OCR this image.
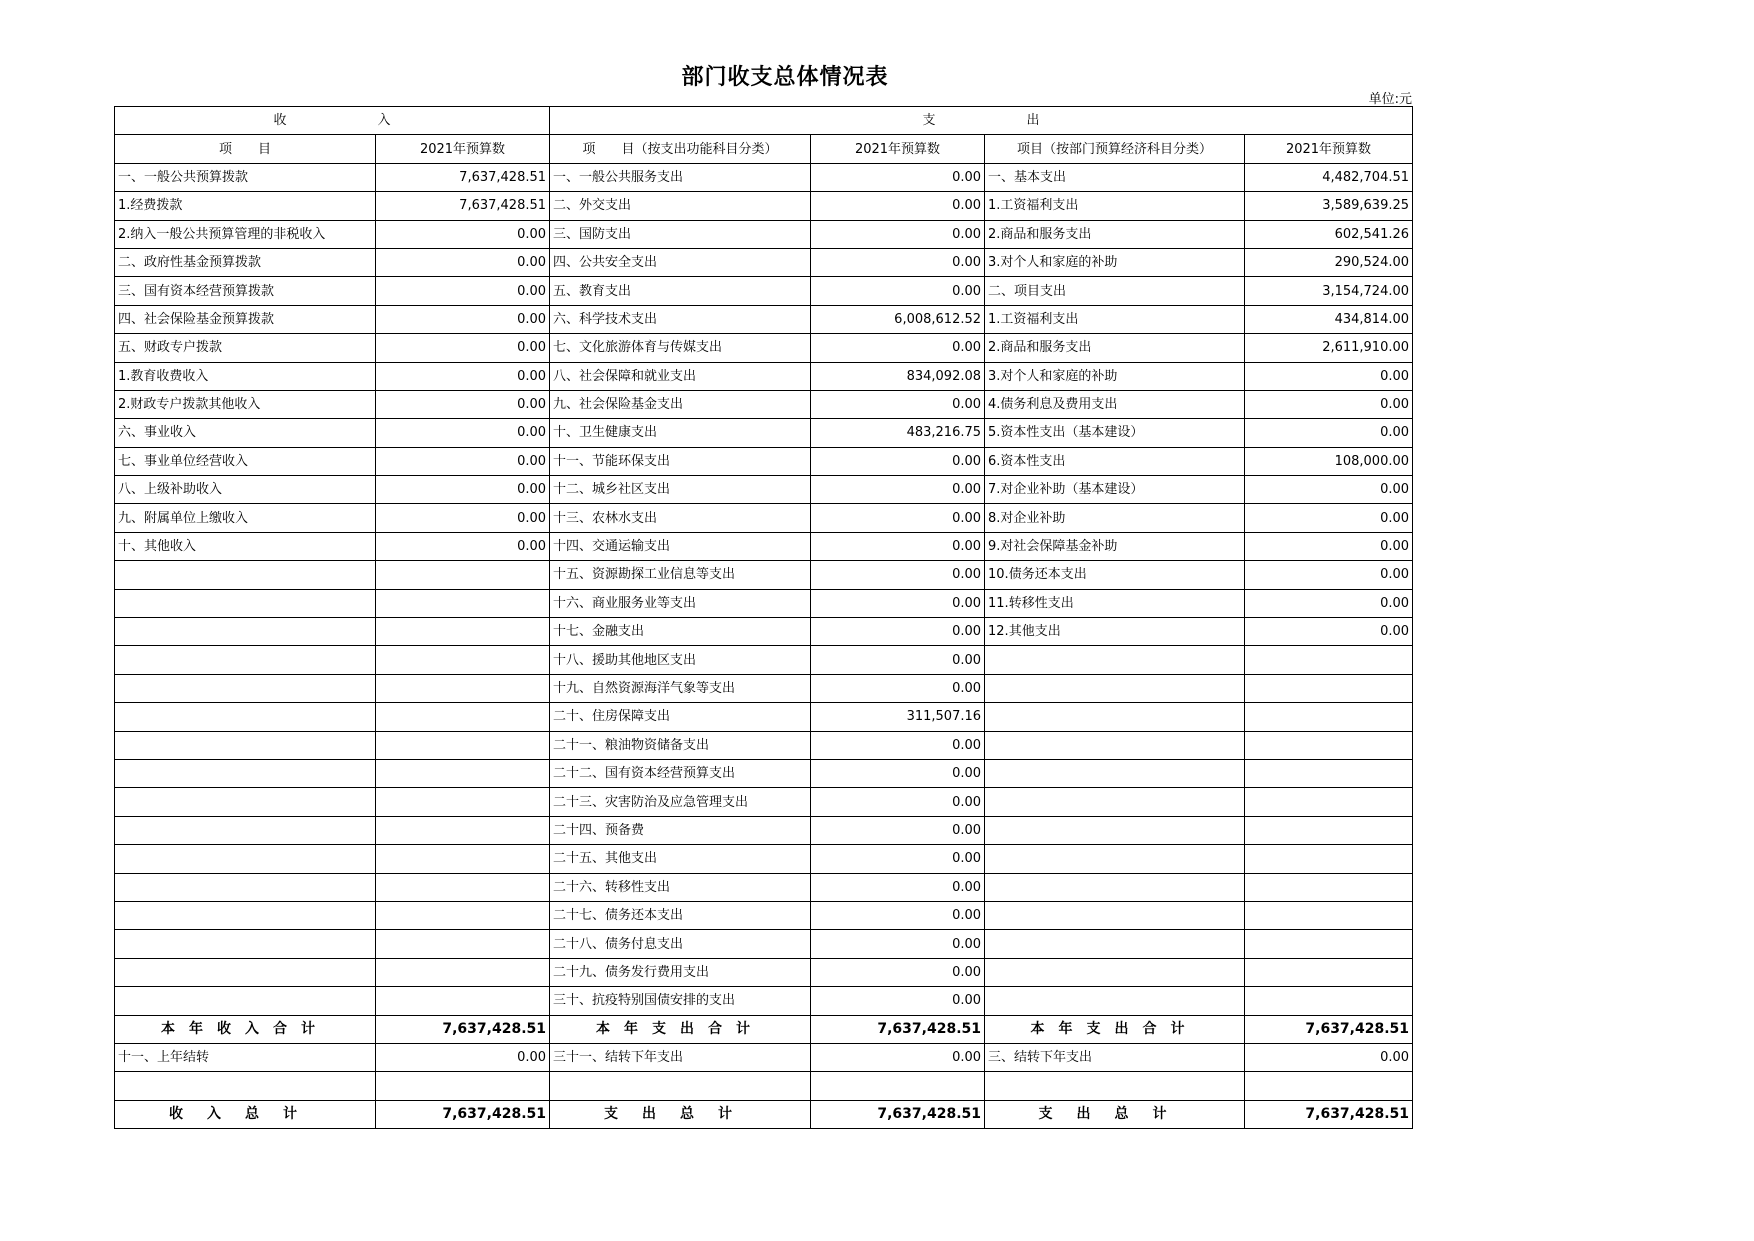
部门收支总体情况表
单位:元
收　　　　　　　入		支　　　　　　　出			
项　　目	2021年预算数	项　　目（按支出功能科目分类）	2021年预算数	项目（按部门预算经济科目分类）	2021年预算数
一、一般公共预算拨款	7,637,428.51	一、一般公共服务支出	0.00	一、基本支出	4,482,704.51
1.经费拨款	7,637,428.51	二、外交支出	0.00	1.工资福利支出	3,589,639.25
2.纳入一般公共预算管理的非税收入	0.00	三、国防支出	0.00	2.商品和服务支出	602,541.26
二、政府性基金预算拨款	0.00	四、公共安全支出	0.00	3.对个人和家庭的补助	290,524.00
三、国有资本经营预算拨款	0.00	五、教育支出	0.00	二、项目支出	3,154,724.00
四、社会保险基金预算拨款	0.00	六、科学技术支出	6,008,612.52	1.工资福利支出	434,814.00
五、财政专户拨款	0.00	七、文化旅游体育与传媒支出	0.00	2.商品和服务支出	2,611,910.00
1.教育收费收入	0.00	八、社会保障和就业支出	834,092.08	3.对个人和家庭的补助	0.00
2.财政专户拨款其他收入	0.00	九、社会保险基金支出	0.00	4.债务利息及费用支出	0.00
六、事业收入	0.00	十、卫生健康支出	483,216.75	5.资本性支出（基本建设）	0.00
七、事业单位经营收入	0.00	十一、节能环保支出	0.00	6.资本性支出	108,000.00
八、上级补助收入	0.00	十二、城乡社区支出	0.00	7.对企业补助（基本建设）	0.00
九、附属单位上缴收入	0.00	十三、农林水支出	0.00	8.对企业补助	0.00
十、其他收入	0.00	十四、交通运输支出	0.00	9.对社会保障基金补助	0.00
		十五、资源勘探工业信息等支出	0.00	10.债务还本支出	0.00
		十六、商业服务业等支出	0.00	11.转移性支出	0.00
		十七、金融支出	0.00	12.其他支出	0.00
		十八、援助其他地区支出	0.00		
		十九、自然资源海洋气象等支出	0.00		
		二十、住房保障支出	311,507.16		
		二十一、粮油物资储备支出	0.00		
		二十二、国有资本经营预算支出	0.00		
		二十三、灾害防治及应急管理支出	0.00		
		二十四、预备费	0.00		
		二十五、其他支出	0.00		
		二十六、转移性支出	0.00		
		二十七、债务还本支出	0.00		
		二十八、债务付息支出	0.00		
		二十九、债务发行费用支出	0.00		
		三十、抗疫特别国债安排的支出	0.00		
本年收入合计	7,637,428.51	本年支出合计	7,637,428.51	本年支出合计	7,637,428.51
十一、上年结转	0.00	三十一、结转下年支出	0.00	三、结转下年支出	0.00

收入总计	7,637,428.51	支出总计	7,637,428.51	支出总计	7,637,428.51
